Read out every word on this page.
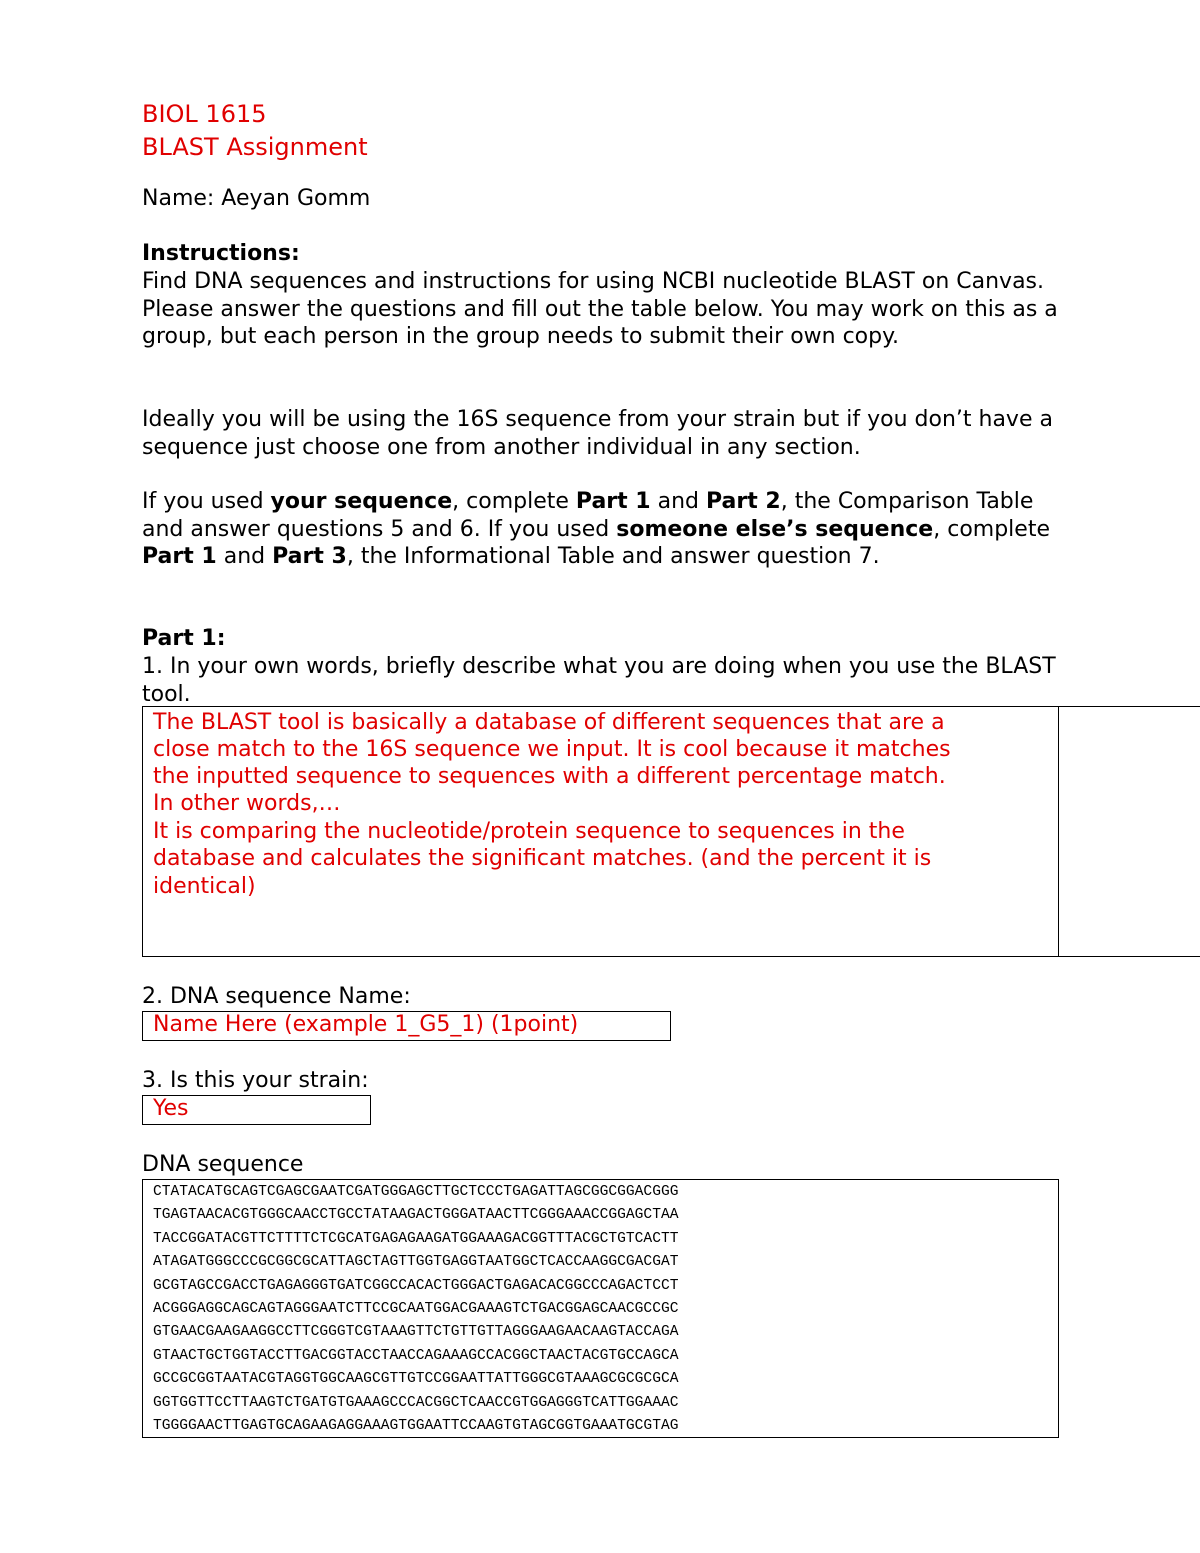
BIOL 1615
BLAST Assignment
Name: Aeyan Gomm
Instructions:
Find DNA sequences and instructions for using NCBI nucleotide BLAST on Canvas. Please answer the questions and fill out the table below. You may work on this as a group, but each person in the group needs to submit their own copy.
Ideally you will be using the 16S sequence from your strain but if you don’t have a sequence just choose one from another individual in any section.
If you used your sequence, complete Part 1 and Part 2, the Comparison Table and answer questions 5 and 6. If you used someone else’s sequence, complete Part 1 and Part 3, the Informational Table and answer question 7.
Part 1:
1. In your own words, briefly describe what you are doing when you use the BLAST tool.
The BLAST tool is basically a database of different sequences that are a
close match to the 16S sequence we input. It is cool because it matches
the inputted sequence to sequences with a different percentage match.
In other words,…
It is comparing the nucleotide/protein sequence to sequences in the
database and calculates the significant matches. (and the percent it is
identical)
2. DNA sequence Name:
Name Here (example 1_G5_1) (1point)
3. Is this your strain:
Yes
DNA sequence
CTATACATGCAGTCGAGCGAATCGATGGGAGCTTGCTCCCTGAGATTAGCGGCGGACGGG
TGAGTAACACGTGGGCAACCTGCCTATAAGACTGGGATAACTTCGGGAAACCGGAGCTAA
TACCGGATACGTTCTTTTCTCGCATGAGAGAAGATGGAAAGACGGTTTACGCTGTCACTT
ATAGATGGGCCCGCGGCGCATTAGCTAGTTGGTGAGGTAATGGCTCACCAAGGCGACGAT
GCGTAGCCGACCTGAGAGGGTGATCGGCCACACTGGGACTGAGACACGGCCCAGACTCCT
ACGGGAGGCAGCAGTAGGGAATCTTCCGCAATGGACGAAAGTCTGACGGAGCAACGCCGC
GTGAACGAAGAAGGCCTTCGGGTCGTAAAGTTCTGTTGTTAGGGAAGAACAAGTACCAGA
GTAACTGCTGGTACCTTGACGGTACCTAACCAGAAAGCCACGGCTAACTACGTGCCAGCA
GCCGCGGTAATACGTAGGTGGCAAGCGTTGTCCGGAATTATTGGGCGTAAAGCGCGCGCA
GGTGGTTCCTTAAGTCTGATGTGAAAGCCCACGGCTCAACCGTGGAGGGTCATTGGAAAC
TGGGGAACTTGAGTGCAGAAGAGGAAAGTGGAATTCCAAGTGTAGCGGTGAAATGCGTAG
